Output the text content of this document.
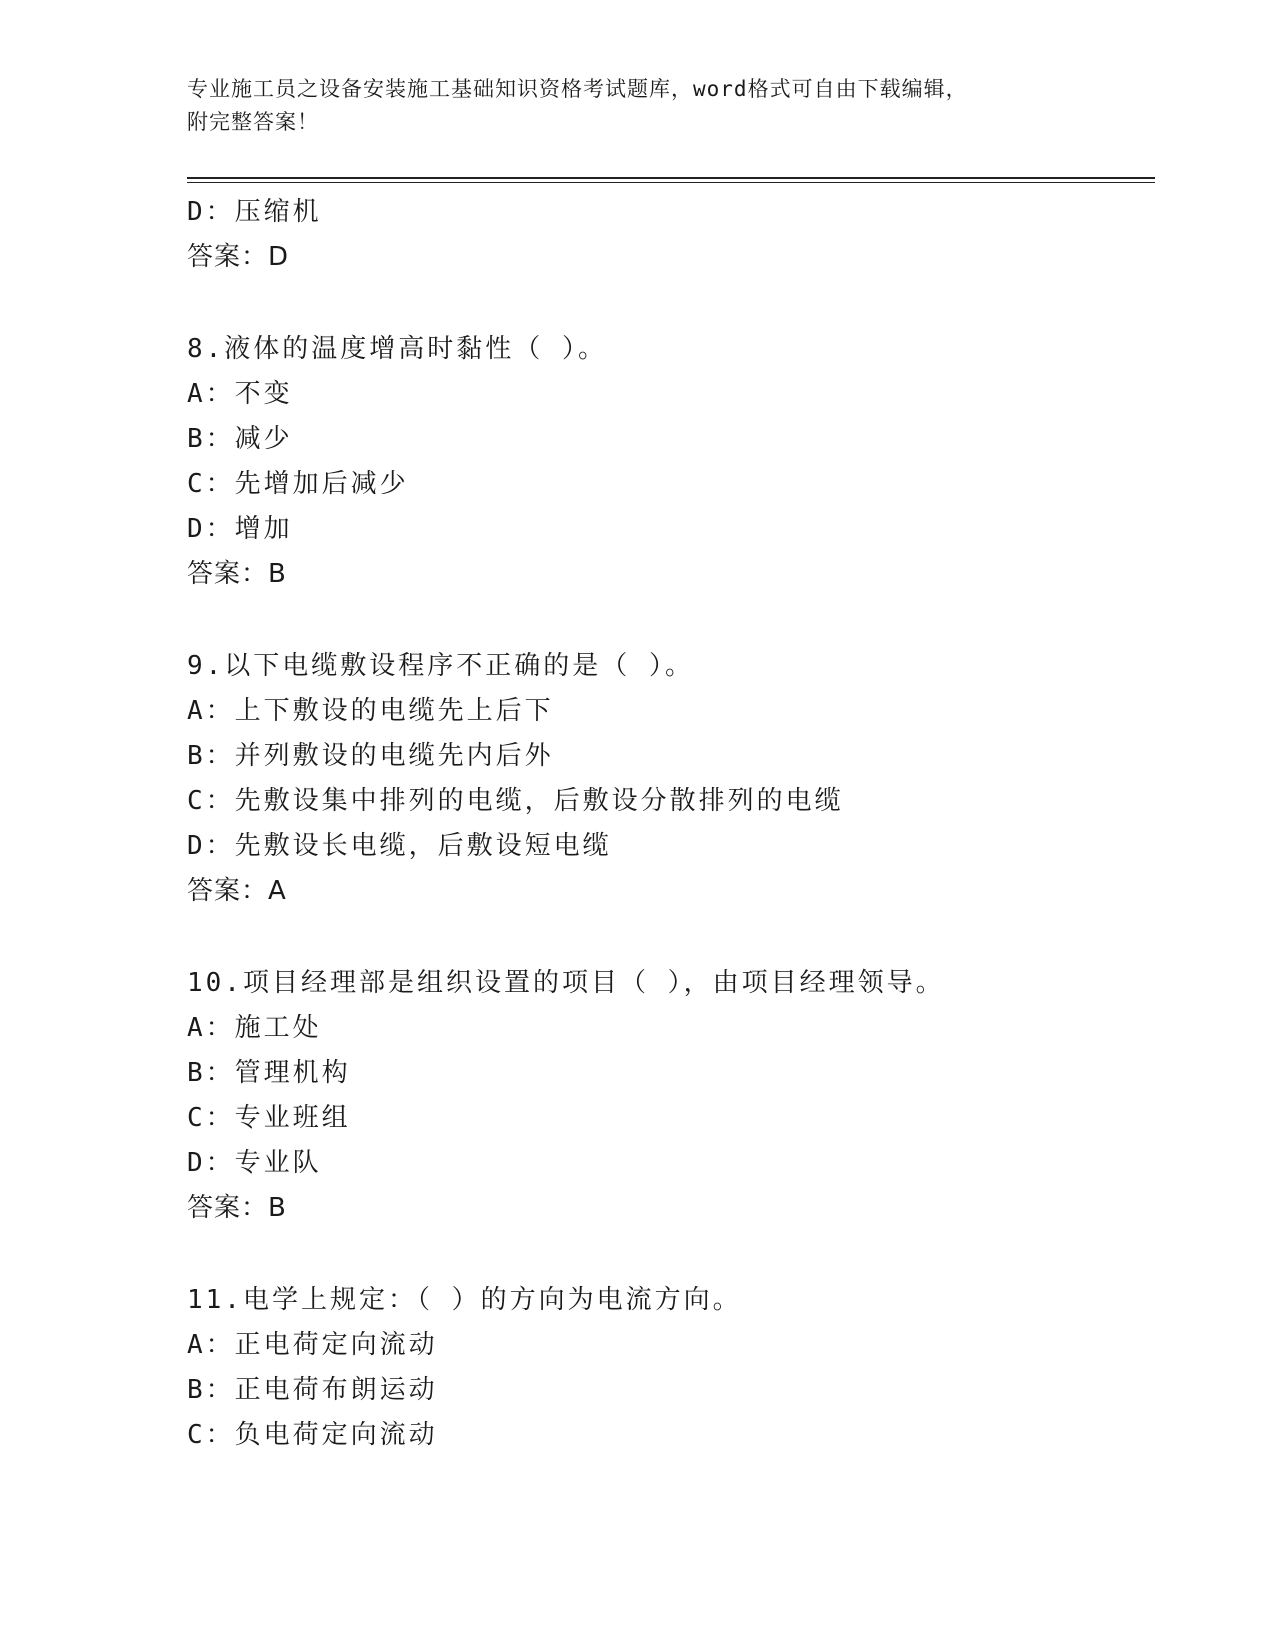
专业施工员之设备安装施工基础知识资格考试题库，word格式可自由下载编辑，
附完整答案！
D：压缩机
答案：D
8.液体的温度增高时黏性（ ）。
A：不变
B：减少
C：先增加后减少
D：增加
答案：B
9.以下电缆敷设程序不正确的是（ ）。
A：上下敷设的电缆先上后下
B：并列敷设的电缆先内后外
C：先敷设集中排列的电缆，后敷设分散排列的电缆
D：先敷设长电缆，后敷设短电缆
答案：A
10.项目经理部是组织设置的项目（ ），由项目经理领导。
A：施工处
B：管理机构
C：专业班组
D：专业队
答案：B
11.电学上规定：（ ）的方向为电流方向。
A：正电荷定向流动
B：正电荷布朗运动
C：负电荷定向流动
